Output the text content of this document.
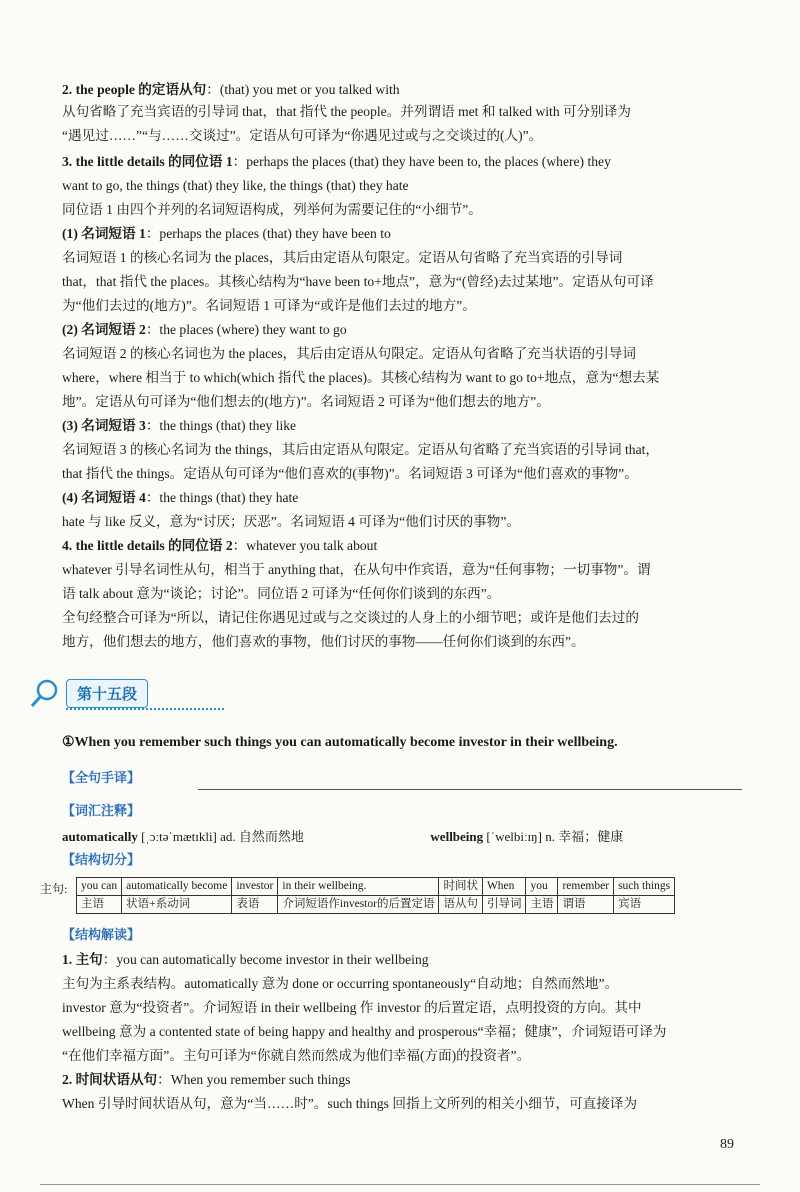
2. the people 的定语从句：(that) you met or you talked with
从句省略了充当宾语的引导词 that，that 指代 the people。并列谓语 met 和 talked with 可分别译为
“遇见过……”“与……交谈过”。定语从句可译为“你遇见过或与之交谈过的(人)”。
3. the little details 的同位语 1：perhaps the places (that) they have been to, the places (where) they
want to go, the things (that) they like, the things (that) they hate
同位语 1 由四个并列的名词短语构成，列举何为需要记住的“小细节”。
(1) 名词短语 1：perhaps the places (that) they have been to
名词短语 1 的核心名词为 the places，其后由定语从句限定。定语从句省略了充当宾语的引导词
that，that 指代 the places。其核心结构为“have been to+地点”，意为“(曾经)去过某地”。定语从句可译
为“他们去过的(地方)”。名词短语 1 可译为“或许是他们去过的地方”。
(2) 名词短语 2：the places (where) they want to go
名词短语 2 的核心名词也为 the places，其后由定语从句限定。定语从句省略了充当状语的引导词
where，where 相当于 to which(which 指代 the places)。其核心结构为 want to go to+地点，意为“想去某
地”。定语从句可译为“他们想去的(地方)”。名词短语 2 可译为“他们想去的地方”。
(3) 名词短语 3：the things (that) they like
名词短语 3 的核心名词为 the things，其后由定语从句限定。定语从句省略了充当宾语的引导词 that，
that 指代 the things。定语从句可译为“他们喜欢的(事物)”。名词短语 3 可译为“他们喜欢的事物”。
(4) 名词短语 4：the things (that) they hate
hate 与 like 反义，意为“讨厌；厌恶”。名词短语 4 可译为“他们讨厌的事物”。
4. the little details 的同位语 2：whatever you talk about
whatever 引导名词性从句，相当于 anything that，在从句中作宾语，意为“任何事物；一切事物”。谓
语 talk about 意为“谈论；讨论”。同位语 2 可译为“任何你们谈到的东西”。
全句经整合可译为“所以，请记住你遇见过或与之交谈过的人身上的小细节吧；或许是他们去过的
地方，他们想去的地方，他们喜欢的事物，他们讨厌的事物——任何你们谈到的东西”。
第十五段
①When you remember such things you can automatically become investor in their wellbeing.
【全句手译】
【词汇注释】
automatically [ˌɔːtəˈmætɪkli] ad. 自然而然地	wellbeing [ˈwelbiːɪŋ] n. 幸福；健康
【结构切分】
主句: you can	automatically become	investor	in their wellbeing.	时间状	When	you	remember	such things
主语	状语+系动词	表语	介词短语作investor的后置定语	语从句	引导词	主语	谓语	宾语
【结构解读】
1. 主句：you can automatically become investor in their wellbeing
主句为主系表结构。automatically 意为 done or occurring spontaneously“自动地；自然而然地”。
investor 意为“投资者”。介词短语 in their wellbeing 作 investor 的后置定语，点明投资的方向。其中
wellbeing 意为 a contented state of being happy and healthy and prosperous“幸福；健康”，介词短语可译为
“在他们幸福方面”。主句可译为“你就自然而然成为他们幸福(方面)的投资者”。
2. 时间状语从句：When you remember such things
When 引导时间状语从句，意为“当……时”。such things 回指上文所列的相关小细节，可直接译为
89
